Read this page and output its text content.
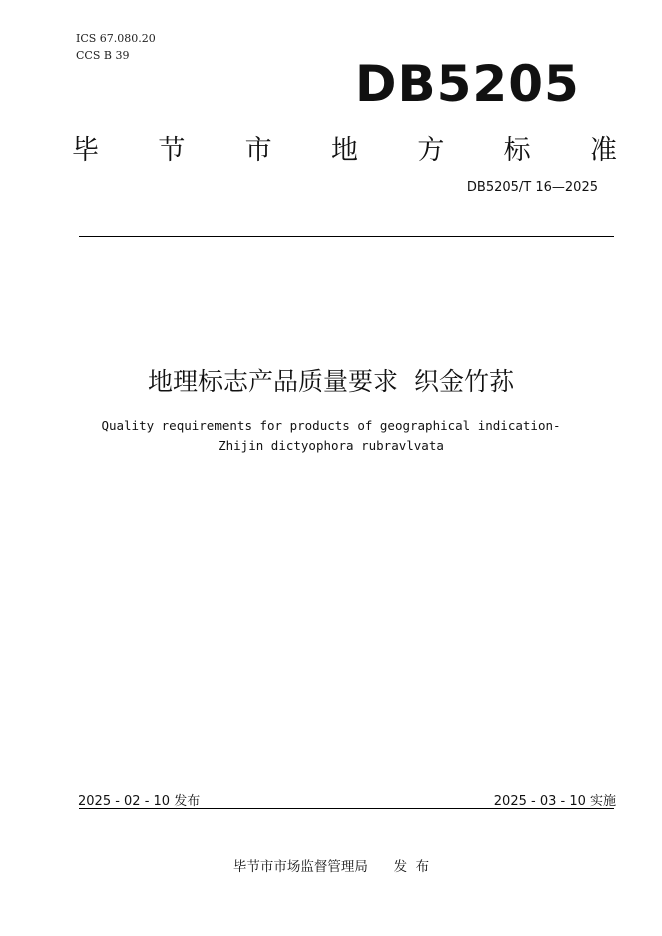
ICS 67.080.20
CCS B 39	DB5205
毕 节 市 地 方 标 准
DB5205/T 16—2025
地理标志产品质量要求  织金竹荪
Quality requirements for products of geographical indication-
Zhijin dictyophora rubravlvata
2025 - 02 - 10 发布	2025 - 03 - 10 实施
毕节市市场监督管理局      发  布
